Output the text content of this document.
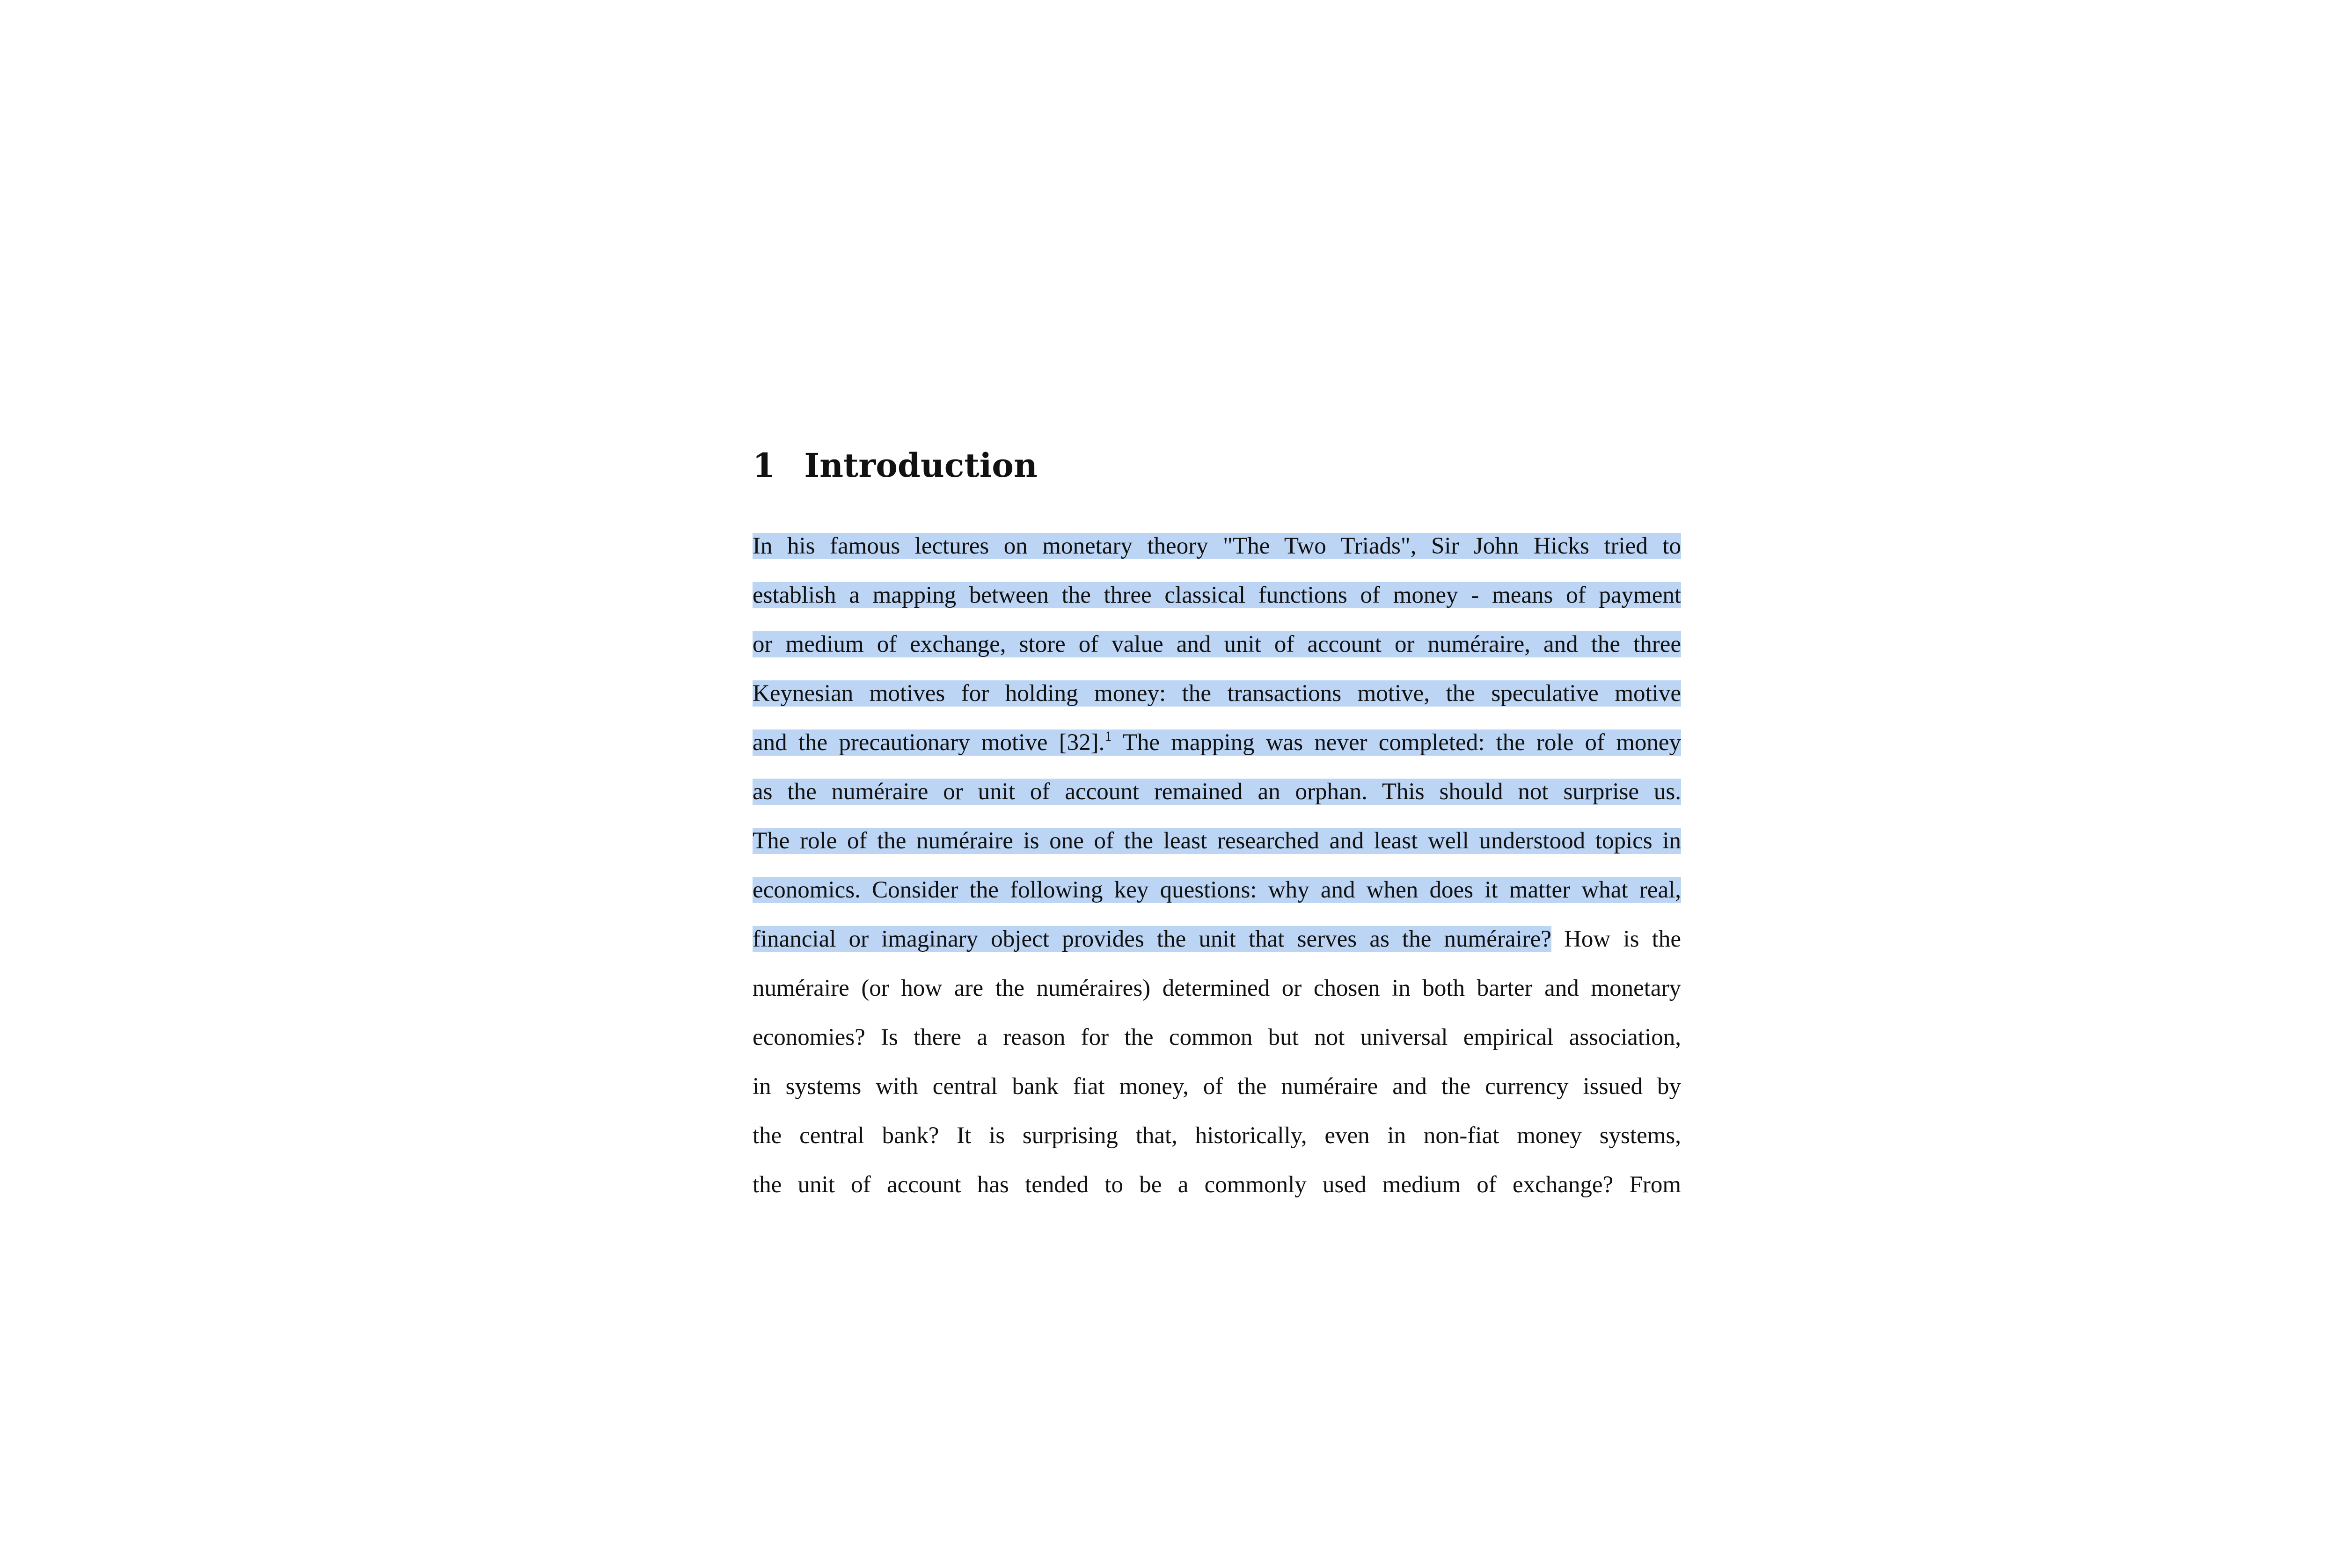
1 Introduction
In his famous lectures on monetary theory "The Two Triads", Sir John Hicks tried to
establish a mapping between the three classical functions of money - means of payment
or medium of exchange, store of value and unit of account or numéraire, and the three
Keynesian motives for holding money: the transactions motive, the speculative motive
and the precautionary motive [32].$^1$ The mapping was never completed: the role of money
as the numéraire or unit of account remained an orphan. This should not surprise us.
The role of the numéraire is one of the least researched and least well understood topics in
economics. Consider the following key questions: why and when does it matter what real,
financial or imaginary object provides the unit that serves as the numéraire? How is the
numéraire (or how are the numéraires) determined or chosen in both barter and monetary
economies? Is there a reason for the common but not universal empirical association,
in systems with central bank fiat money, of the numéraire and the currency issued by
the central bank? It is surprising that, historically, even in non-fiat money systems,
the unit of account has tended to be a commonly used medium of exchange? From
